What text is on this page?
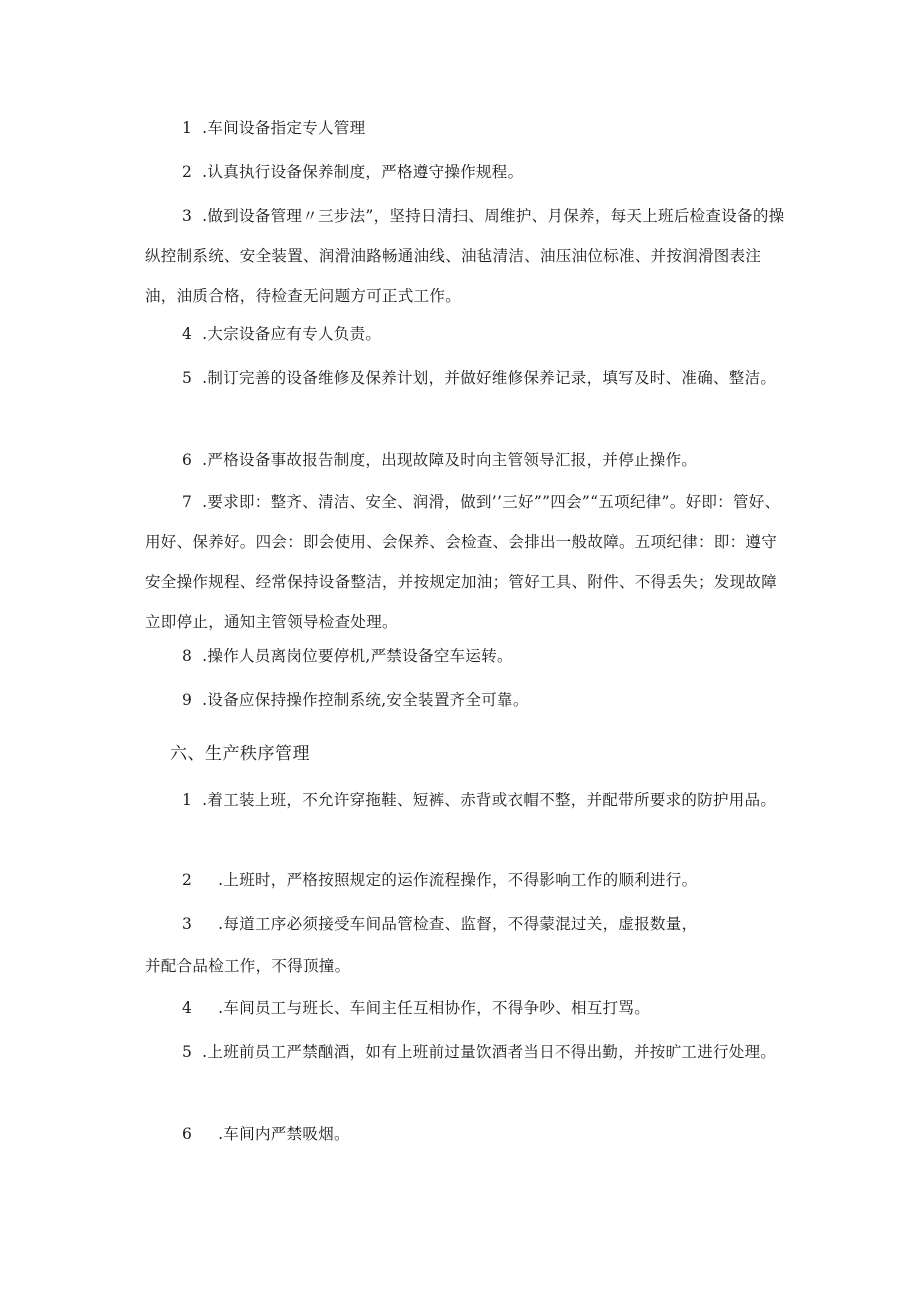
1 .车间设备指定专人管理

2 .认真执行设备保养制度，严格遵守操作规程。

3 .做到设备管理〃三步法”，坚持日清扫、周维护、月保养，每天上班后检查设备的操纵控制系统、安全装置、润滑油路畅通油线、油毡清洁、油压油位标准、并按润滑图表注油，油质合格，待检查无问题方可正式工作。

4 .大宗设备应有专人负责。

5 .制订完善的设备维修及保养计划，并做好维修保养记录，填写及时、准确、整洁。

6 .严格设备事故报告制度，出现故障及时向主管领导汇报，并停止操作。

7 .要求即：整齐、清洁、安全、润滑，做到’’三好””四会”“五项纪律”。好即：管好、用好、保养好。四会：即会使用、会保养、会检查、会排出一般故障。五项纪律：即：遵守安全操作规程、经常保持设备整洁，并按规定加油；管好工具、附件、不得丢失；发现故障立即停止，通知主管领导检查处理。

8 .操作人员离岗位要停机,严禁设备空车运转。

9 .设备应保持操作控制系统,安全装置齐全可靠。

六、生产秩序管理

1 .着工装上班，不允许穿拖鞋、短裤、赤背或衣帽不整，并配带所要求的防护用品。

2 .上班时，严格按照规定的运作流程操作，不得影响工作的顺利进行。

3 .每道工序必须接受车间品管检查、监督，不得蒙混过关，虚报数量，

并配合品检工作，不得顶撞。

4 .车间员工与班长、车间主任互相协作，不得争吵、相互打骂。

5 .上班前员工严禁酗酒，如有上班前过量饮酒者当日不得出勤，并按旷工进行处理。

6 .车间内严禁吸烟。
